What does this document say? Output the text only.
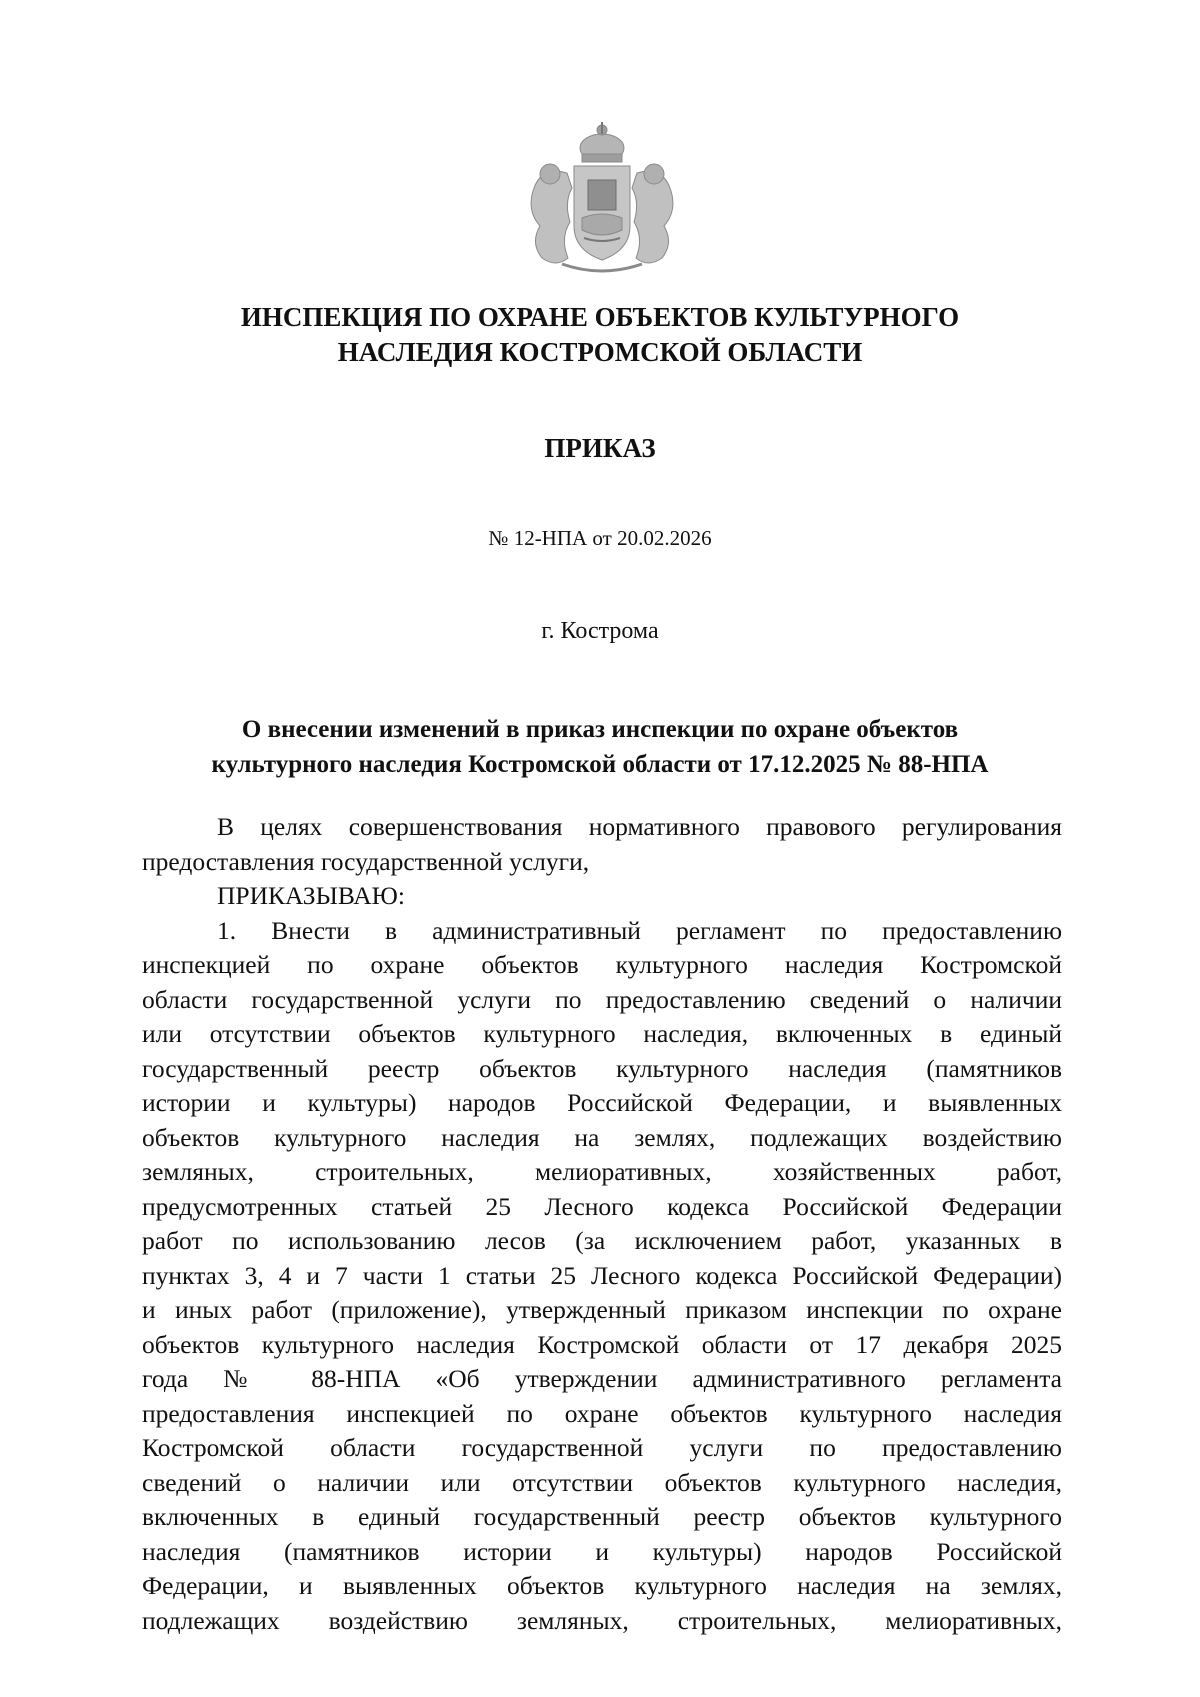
ИНСПЕКЦИЯ ПО ОХРАНЕ ОБЪЕКТОВ КУЛЬТУРНОГО
НАСЛЕДИЯ КОСТРОМСКОЙ ОБЛАСТИ
ПРИКАЗ
№ 12-НПА от 20.02.2026
г. Кострома
О внесении изменений в приказ инспекции по охране объектов
культурного наследия Костромской области от 17.12.2025 № 88-НПА
В целях совершенствования нормативного правового регулирования
предоставления государственной услуги,
ПРИКАЗЫВАЮ:
1. Внести в административный регламент по предоставлению
инспекцией по охране объектов культурного наследия Костромской
области государственной услуги по предоставлению сведений о наличии
или отсутствии объектов культурного наследия, включенных в единый
государственный реестр объектов культурного наследия (памятников
истории и культуры) народов Российской Федерации, и выявленных
объектов культурного наследия на землях, подлежащих воздействию
земляных, строительных, мелиоративных, хозяйственных работ,
предусмотренных статьей 25 Лесного кодекса Российской Федерации
работ по использованию лесов (за исключением работ, указанных в
пунктах 3, 4 и 7 части 1 статьи 25 Лесного кодекса Российской Федерации)
и иных работ (приложение), утвержденный приказом инспекции по охране
объектов культурного наследия Костромской области от 17 декабря 2025
года № 88-НПА «Об утверждении административного регламента
предоставления инспекцией по охране объектов культурного наследия
Костромской области государственной услуги по предоставлению
сведений о наличии или отсутствии объектов культурного наследия,
включенных в единый государственный реестр объектов культурного
наследия (памятников истории и культуры) народов Российской
Федерации, и выявленных объектов культурного наследия на землях,
подлежащих воздействию земляных, строительных, мелиоративных,
